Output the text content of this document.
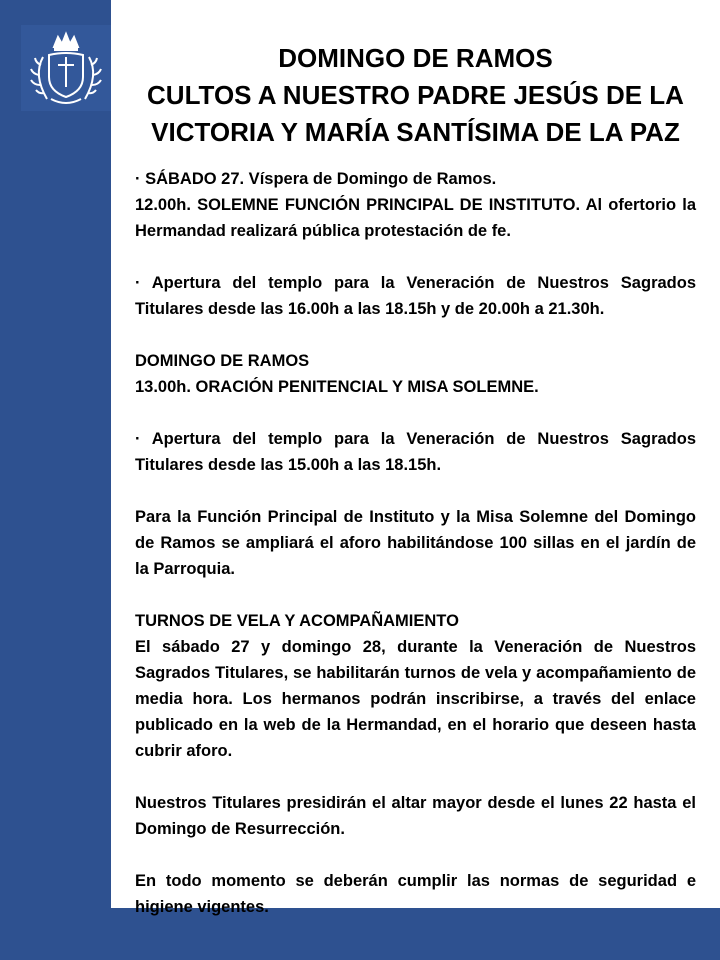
DOMINGO DE RAMOS
CULTOS A NUESTRO PADRE JESÚS DE LA
VICTORIA Y MARÍA SANTÍSIMA DE LA PAZ

· SÁBADO 27. Víspera de Domingo de Ramos.

12.00h. SOLEMNE FUNCIÓN PRINCIPAL DE INSTITUTO. Al ofertorio la Hermandad realizará pública protestación de fe.

· Apertura del templo para la Veneración de Nuestros Sagrados Titulares desde las 16.00h a las 18.15h y de 20.00h a 21.30h.

DOMINGO DE RAMOS

13.00h. ORACIÓN PENITENCIAL Y MISA SOLEMNE.

· Apertura del templo para la Veneración de Nuestros Sagrados Titulares desde las 15.00h a las 18.15h.

Para la Función Principal de Instituto y la Misa Solemne del Domingo de Ramos se ampliará el aforo habilitándose 100 sillas en el jardín de la Parroquia.

TURNOS DE VELA Y ACOMPAÑAMIENTO

El sábado 27 y domingo 28, durante la Veneración de Nuestros Sagrados Titulares, se habilitarán turnos de vela y acompañamiento de media hora. Los hermanos podrán inscribirse, a través del enlace publicado en la web de la Hermandad, en el horario que deseen hasta cubrir aforo.

Nuestros Titulares presidirán el altar mayor desde el lunes 22 hasta el Domingo de Resurrección.

En todo momento se deberán cumplir las normas de seguridad e higiene vigentes.
